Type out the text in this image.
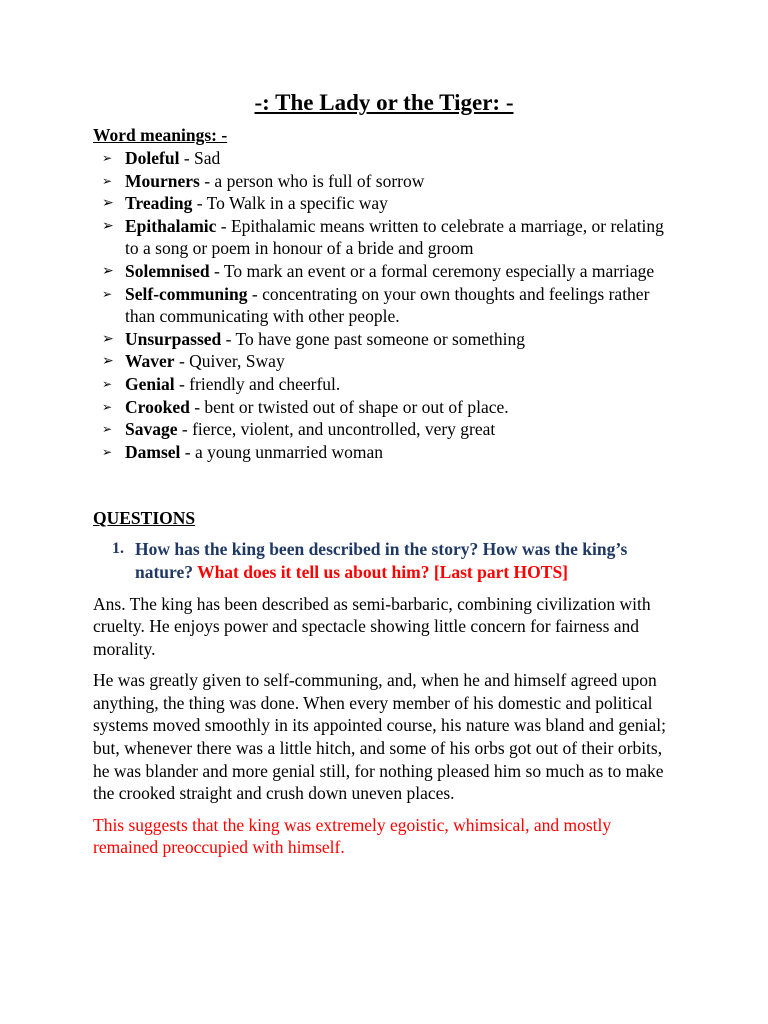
-: The Lady or the Tiger: -
Word meanings: -
➢ Doleful - Sad
➢ Mourners - a person who is full of sorrow
➢ Treading - To Walk in a specific way
➢ Epithalamic - Epithalamic means written to celebrate a marriage, or relating to a song or poem in honour of a bride and groom
➢ Solemnised - To mark an event or a formal ceremony especially a marriage
➢ Self-communing - concentrating on your own thoughts and feelings rather than communicating with other people.
➢ Unsurpassed - To have gone past someone or something
➢ Waver - Quiver, Sway
➢ Genial - friendly and cheerful.
➢ Crooked - bent or twisted out of shape or out of place.
➢ Savage - fierce, violent, and uncontrolled, very great
➢ Damsel - a young unmarried woman
QUESTIONS
1. How has the king been described in the story? How was the king’s nature? What does it tell us about him? [Last part HOTS]

Ans. The king has been described as semi-barbaric, combining civilization with cruelty. He enjoys power and spectacle showing little concern for fairness and morality.

He was greatly given to self-communing, and, when he and himself agreed upon anything, the thing was done. When every member of his domestic and political systems moved smoothly in its appointed course, his nature was bland and genial; but, whenever there was a little hitch, and some of his orbs got out of their orbits, he was blander and more genial still, for nothing pleased him so much as to make the crooked straight and crush down uneven places.

This suggests that the king was extremely egoistic, whimsical, and mostly remained preoccupied with himself.
